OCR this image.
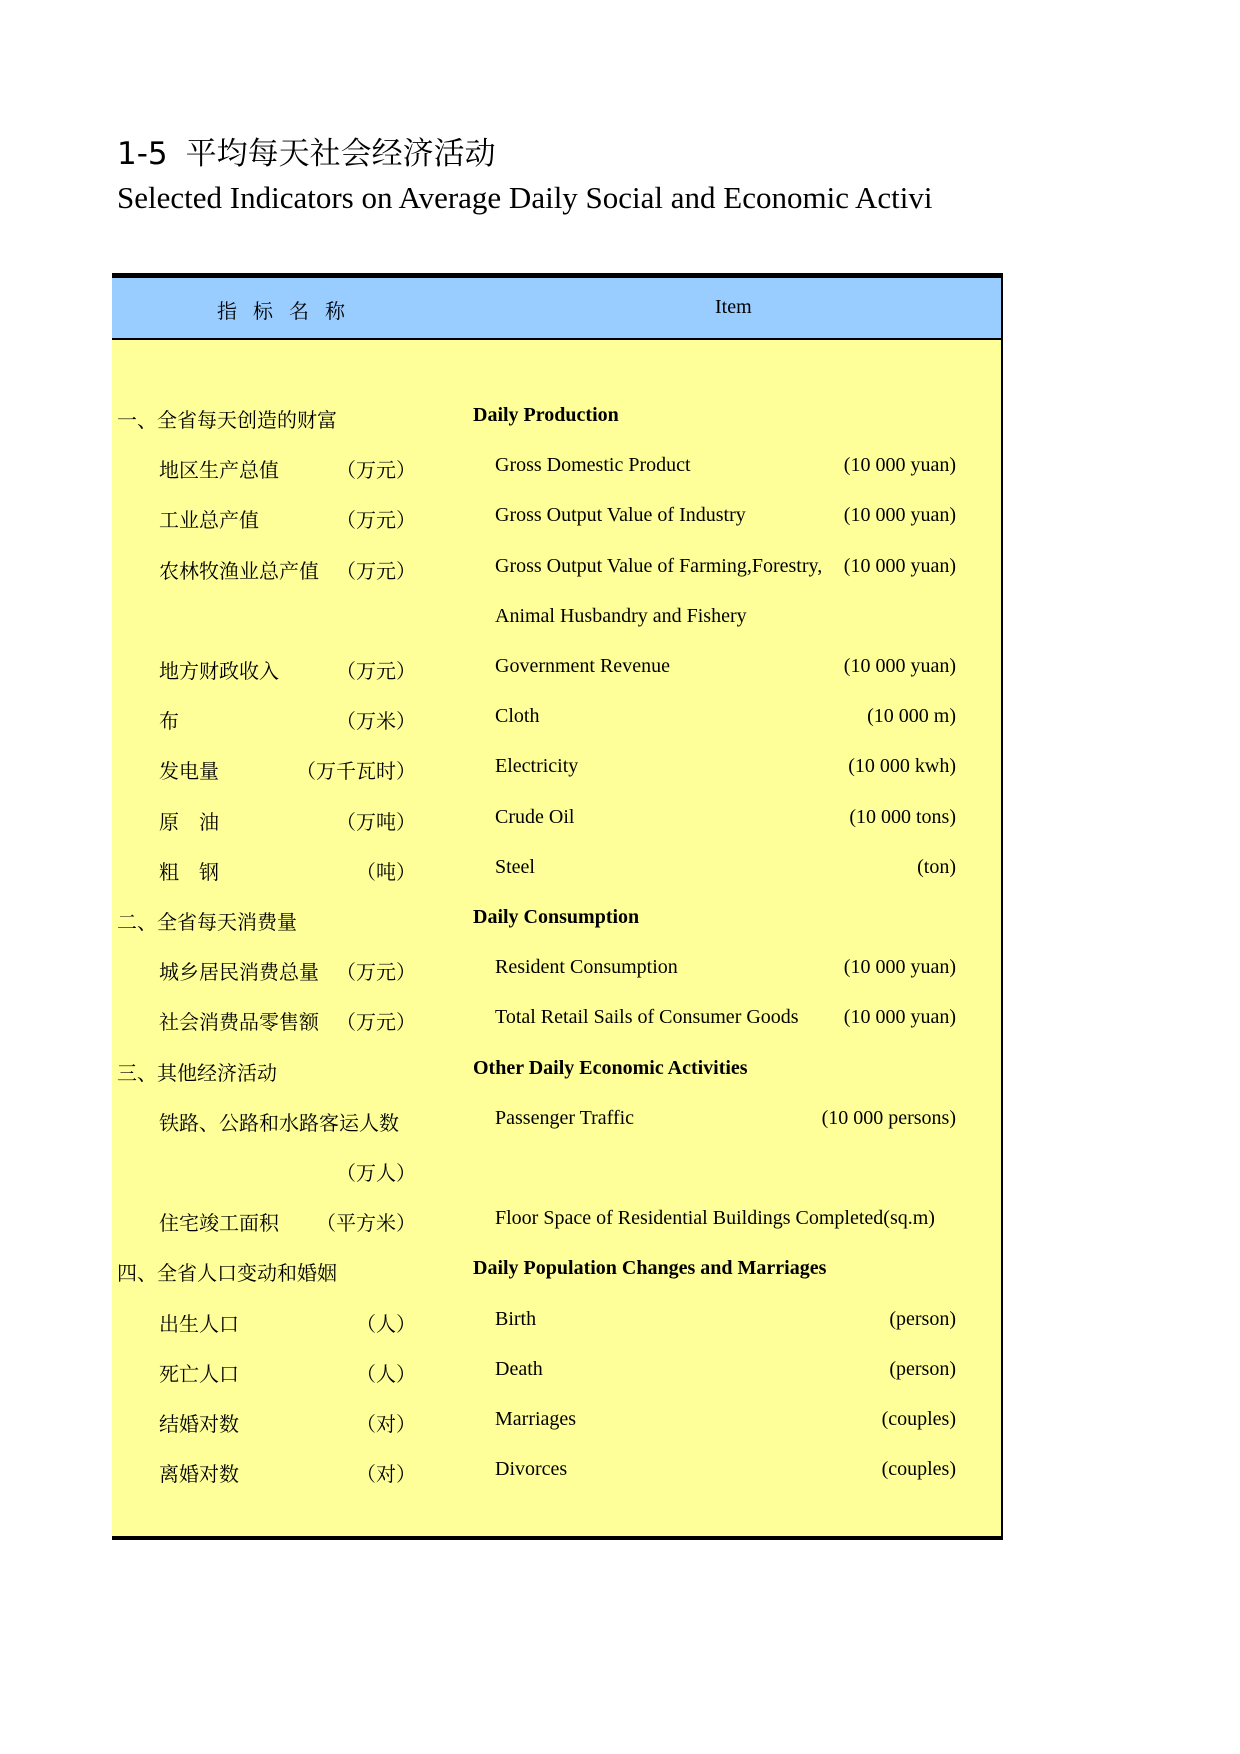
1-5 平均每天社会经济活动
Selected Indicators on Average Daily Social and Economic Activi
指标名称	Item
一、全省每天创造的财富	Daily Production
地区生产总值	（万元）	Gross Domestic Product	(10 000 yuan)
工业总产值	（万元）	Gross Output Value of Industry	(10 000 yuan)
农林牧渔业总产值 （万元）	Gross Output Value of Farming,Forestry, (10 000 yuan)
Animal Husbandry and Fishery
地方财政收入	（万元）	Government Revenue	(10 000 yuan)
布	（万米）	Cloth	(10 000 m)
发电量	（万千瓦时）	Electricity	(10 000 kwh)
原　油	（万吨）	Crude Oil	(10 000 tons)
粗　钢	（吨）	Steel	(ton)
二、全省每天消费量	Daily Consumption
城乡居民消费总量 （万元）	Resident Consumption	(10 000 yuan)
社会消费品零售额 （万元）	Total Retail Sails of Consumer Goods (10 000 yuan)
三、其他经济活动	Other Daily Economic Activities
铁路、公路和水路客运人数	Passenger Traffic	(10 000 persons)
（万人）
住宅竣工面积 （平方米）	Floor Space of Residential Buildings Completed(sq.m)
四、全省人口变动和婚姻	Daily Population Changes and Marriages
出生人口	（人）	Birth	(person)
死亡人口	（人）	Death	(person)
结婚对数	（对）	Marriages	(couples)
离婚对数	（对）	Divorces	(couples)
